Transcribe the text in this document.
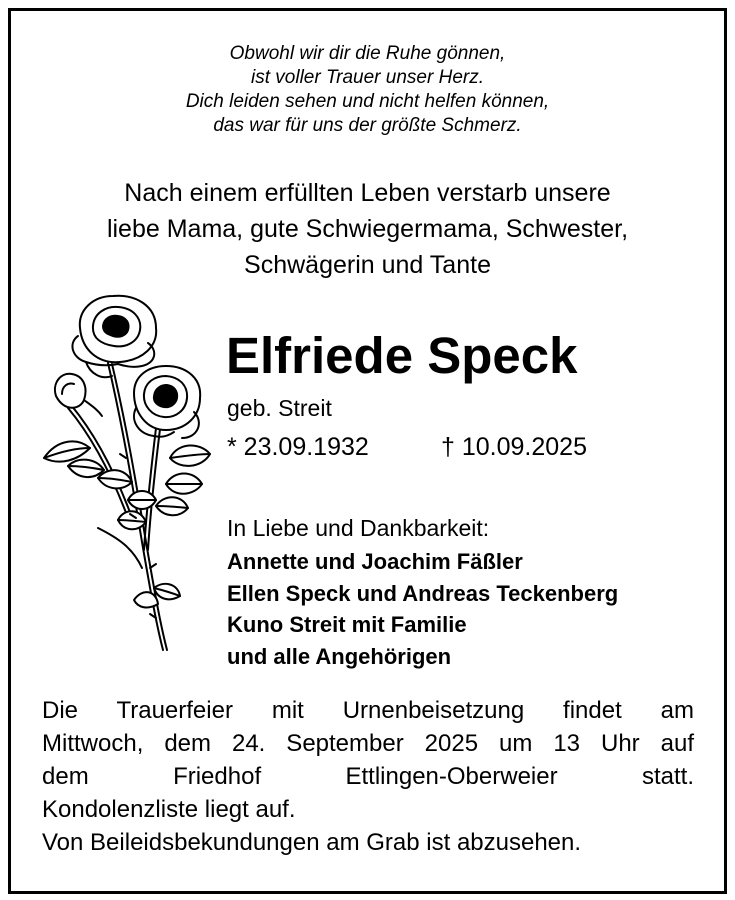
Obwohl wir dir die Ruhe gönnen,
ist voller Trauer unser Herz.
Dich leiden sehen und nicht helfen können,
das war für uns der größte Schmerz.
Nach einem erfüllten Leben verstarb unsere
liebe Mama, gute Schwiegermama, Schwester,
Schwägerin und Tante
Elfriede Speck
geb. Streit
* 23.09.1932	† 10.09.2025
In Liebe und Dankbarkeit:
Annette und Joachim Fäßler
Ellen Speck und Andreas Teckenberg
Kuno Streit mit Familie
und alle Angehörigen
Die Trauerfeier mit Urnenbeisetzung findet am
Mittwoch, dem 24. September 2025 um 13 Uhr auf
dem Friedhof Ettlingen-Oberweier statt.
Kondolenzliste liegt auf.
Von Beileidsbekundungen am Grab ist abzusehen.
